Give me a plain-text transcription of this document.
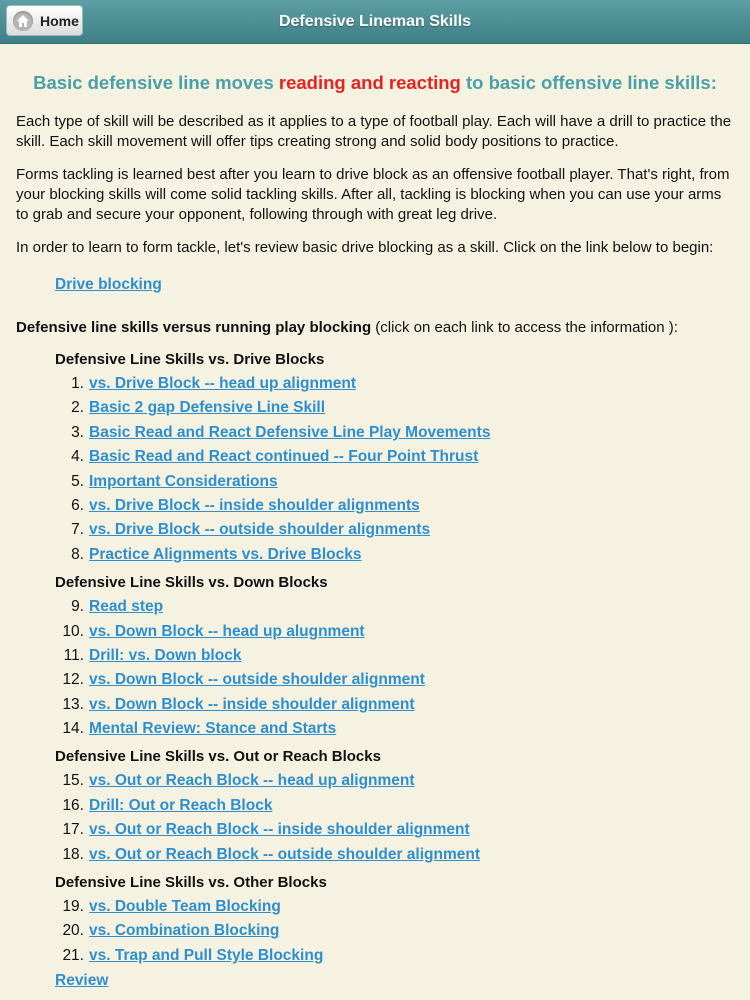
Home	Defensive Lineman Skills
Basic defensive line moves reading and reacting to basic offensive line skills:

Each type of skill will be described as it applies to a type of football play. Each will have a drill to practice the skill. Each skill movement will offer tips creating strong and solid body positions to practice.

Forms tackling is learned best after you learn to drive block as an offensive football player. That's right, from your blocking skills will come solid tackling skills. After all, tackling is blocking when you can use your arms to grab and secure your opponent, following through with great leg drive.

In order to learn to form tackle, let's review basic drive blocking as a skill. Click on the link below to begin:

Drive blocking
Defensive line skills versus running play blocking (click on each link to access the information ):
Defensive Line Skills vs. Drive Blocks
1. vs. Drive Block -- head up alignment
2. Basic 2 gap Defensive Line Skill
3. Basic Read and React Defensive Line Play Movements
4. Basic Read and React continued -- Four Point Thrust
5. Important Considerations
6. vs. Drive Block -- inside shoulder alignments
7. vs. Drive Block -- outside shoulder alignments
8. Practice Alignments vs. Drive Blocks
Defensive Line Skills vs. Down Blocks
9. Read step
10. vs. Down Block -- head up alugnment
11. Drill: vs. Down block
12. vs. Down Block -- outside shoulder alignment
13. vs. Down Block -- inside shoulder alignment
14. Mental Review: Stance and Starts
Defensive Line Skills vs. Out or Reach Blocks
15. vs. Out or Reach Block -- head up alignment
16. Drill: Out or Reach Block
17. vs. Out or Reach Block -- inside shoulder alignment
18. vs. Out or Reach Block -- outside shoulder alignment
Defensive Line Skills vs. Other Blocks
19. vs. Double Team Blocking
20. vs. Combination Blocking
21. vs. Trap and Pull Style Blocking
Review
